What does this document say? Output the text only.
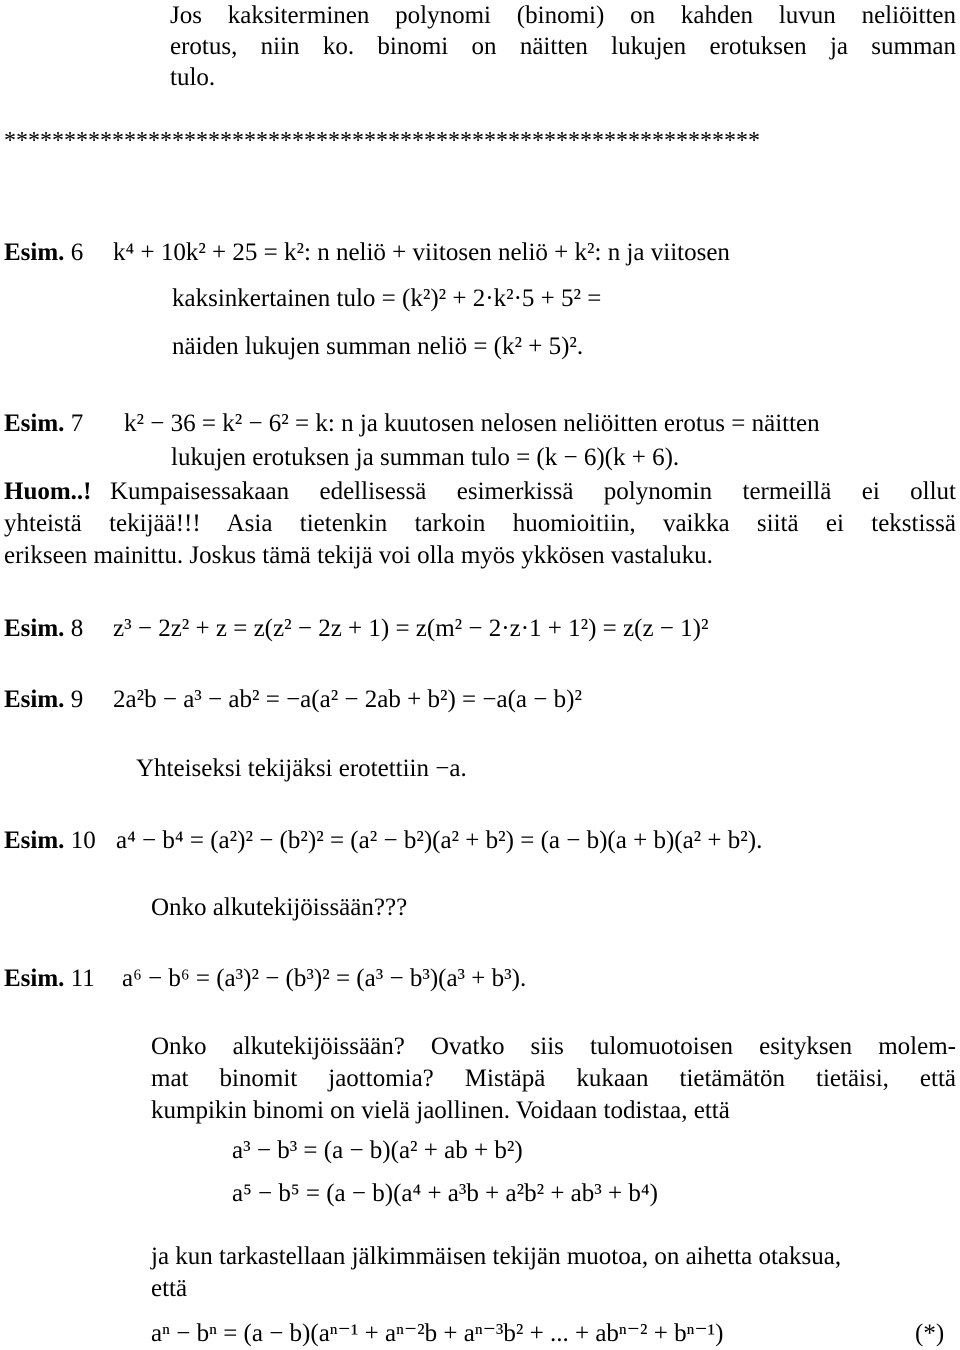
Jos kaksiterminen polynomi (binomi) on kahden luvun neliöitten
erotus, niin ko. binomi on näitten lukujen erotuksen ja summan
tulo.
***************************************************************
Esim. 6 k⁴ + 10k² + 25 = k²: n neliö + viitosen neliö + k²: n ja viitosen
kaksinkertainen tulo = (k²)² + 2·k²·5 + 5² =
näiden lukujen summan neliö = (k² + 5)².
Esim. 7 k² − 36 = k² − 6² = k: n ja kuutosen nelosen neliöitten erotus = näitten
lukujen erotuksen ja summan tulo = (k − 6)(k + 6).
Huom..! Kumpaisessakaan edellisessä esimerkissä polynomin termeillä ei ollut
yhteistä tekijää!!! Asia tietenkin tarkoin huomioitiin, vaikka siitä ei tekstissä
erikseen mainittu. Joskus tämä tekijä voi olla myös ykkösen vastaluku.
Esim. 8 z³ − 2z² + z = z(z² − 2z + 1) = z(m² − 2·z·1 + 1²) = z(z − 1)²
Esim. 9 2a²b − a³ − ab² = −a(a² − 2ab + b²) = −a(a − b)²
Yhteiseksi tekijäksi erotettiin −a.
Esim. 10 a⁴ − b⁴ = (a²)² − (b²)² = (a² − b²)(a² + b²) = (a − b)(a + b)(a² + b²).
Onko alkutekijöissään???
Esim. 11 a⁶ − b⁶ = (a³)² − (b³)² = (a³ − b³)(a³ + b³).
Onko alkutekijöissään? Ovatko siis tulomuotoisen esityksen molem-
mat binomit jaottomia? Mistäpä kukaan tietämätön tietäisi, että
kumpikin binomi on vielä jaollinen. Voidaan todistaa, että
a³ − b³ = (a − b)(a² + ab + b²)
a⁵ − b⁵ = (a − b)(a⁴ + a³b + a²b² + ab³ + b⁴)
ja kun tarkastellaan jälkimmäisen tekijän muotoa, on aihetta otaksua,
että
aⁿ − bⁿ = (a − b)(aⁿ⁻¹ + aⁿ⁻²b + aⁿ⁻³b² + ... + abⁿ⁻² + bⁿ⁻¹)	(*)
